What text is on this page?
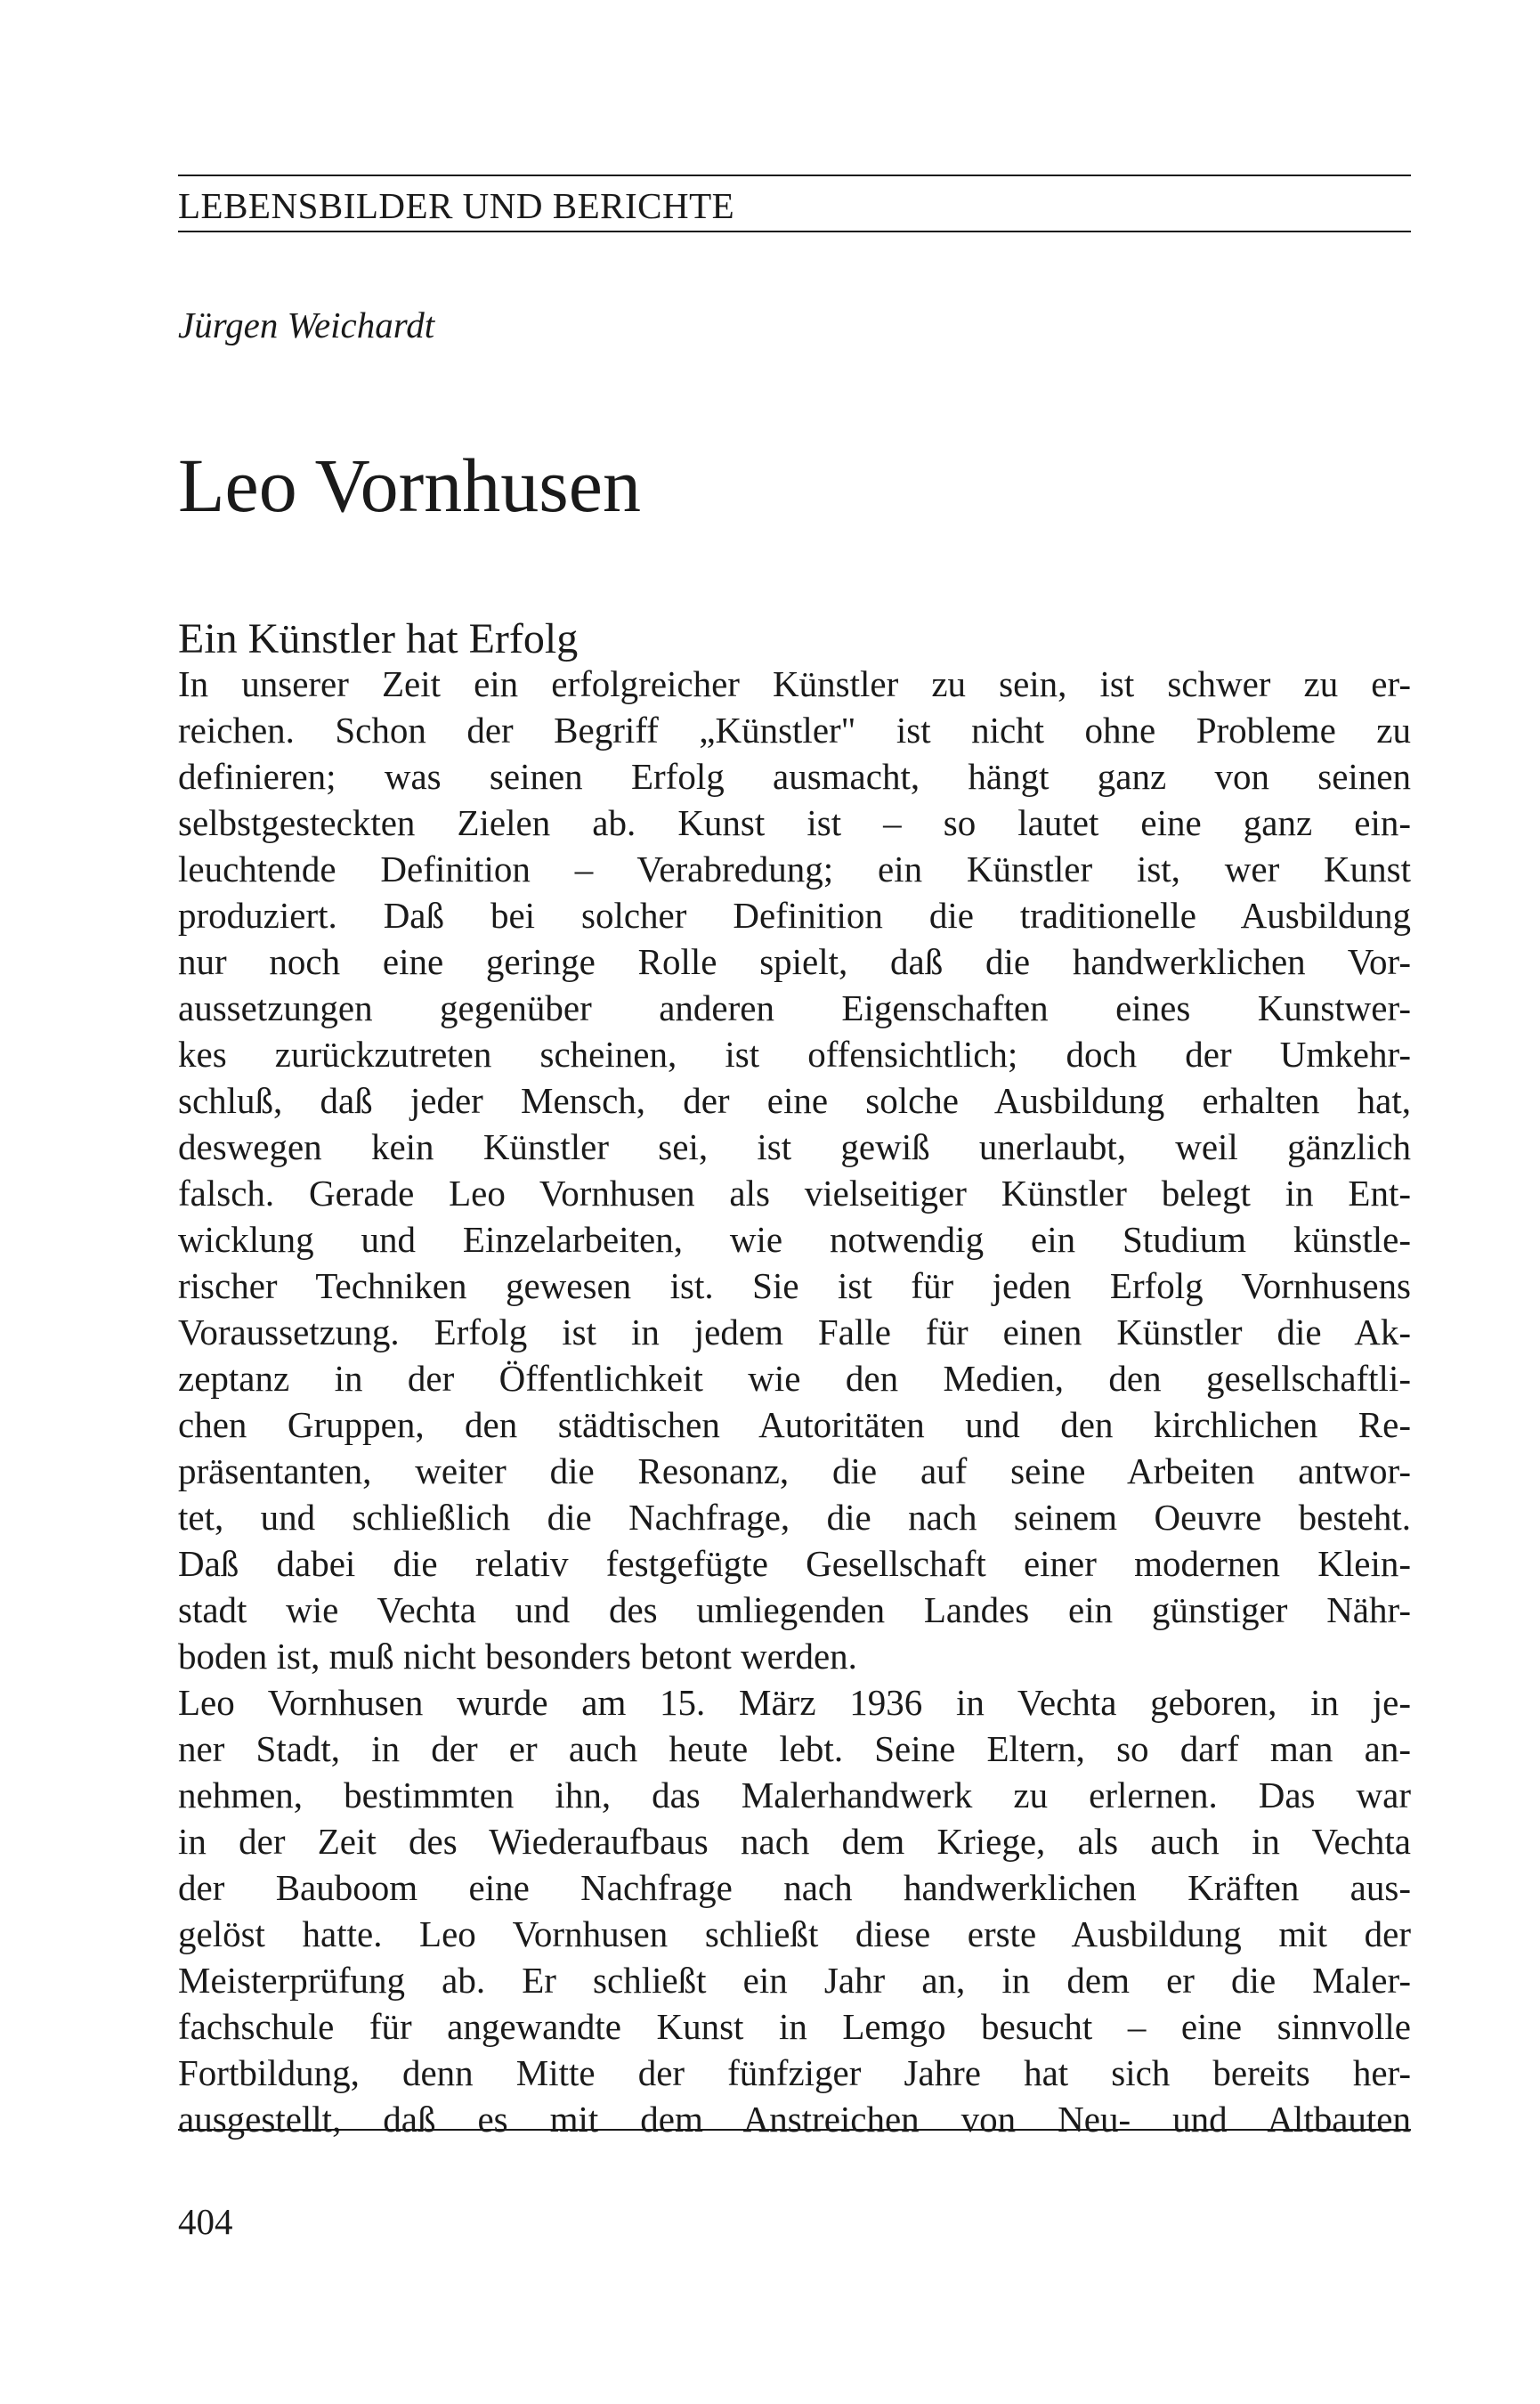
LEBENSBILDER UND BERICHTE
Jürgen Weichardt
Leo Vornhusen
Ein Künstler hat Erfolg
In unserer Zeit ein erfolgreicher Künstler zu sein, ist schwer zu er-
reichen. Schon der Begriff „Künstler" ist nicht ohne Probleme zu
definieren; was seinen Erfolg ausmacht, hängt ganz von seinen
selbstgesteckten Zielen ab. Kunst ist – so lautet eine ganz ein-
leuchtende Definition – Verabredung; ein Künstler ist, wer Kunst
produziert. Daß bei solcher Definition die traditionelle Ausbildung
nur noch eine geringe Rolle spielt, daß die handwerklichen Vor-
aussetzungen gegenüber anderen Eigenschaften eines Kunstwer-
kes zurückzutreten scheinen, ist offensichtlich; doch der Umkehr-
schluß, daß jeder Mensch, der eine solche Ausbildung erhalten hat,
deswegen kein Künstler sei, ist gewiß unerlaubt, weil gänzlich
falsch. Gerade Leo Vornhusen als vielseitiger Künstler belegt in Ent-
wicklung und Einzelarbeiten, wie notwendig ein Studium künstle-
rischer Techniken gewesen ist. Sie ist für jeden Erfolg Vornhusens
Voraussetzung. Erfolg ist in jedem Falle für einen Künstler die Ak-
zeptanz in der Öffentlichkeit wie den Medien, den gesellschaftli-
chen Gruppen, den städtischen Autoritäten und den kirchlichen Re-
präsentanten, weiter die Resonanz, die auf seine Arbeiten antwor-
tet, und schließlich die Nachfrage, die nach seinem Oeuvre besteht.
Daß dabei die relativ festgefügte Gesellschaft einer modernen Klein-
stadt wie Vechta und des umliegenden Landes ein günstiger Nähr-
boden ist, muß nicht besonders betont werden.
Leo Vornhusen wurde am 15. März 1936 in Vechta geboren, in je-
ner Stadt, in der er auch heute lebt. Seine Eltern, so darf man an-
nehmen, bestimmten ihn, das Malerhandwerk zu erlernen. Das war
in der Zeit des Wiederaufbaus nach dem Kriege, als auch in Vechta
der Bauboom eine Nachfrage nach handwerklichen Kräften aus-
gelöst hatte. Leo Vornhusen schließt diese erste Ausbildung mit der
Meisterprüfung ab. Er schließt ein Jahr an, in dem er die Maler-
fachschule für angewandte Kunst in Lemgo besucht – eine sinnvolle
Fortbildung, denn Mitte der fünfziger Jahre hat sich bereits her-
ausgestellt, daß es mit dem Anstreichen von Neu- und Altbauten
404
